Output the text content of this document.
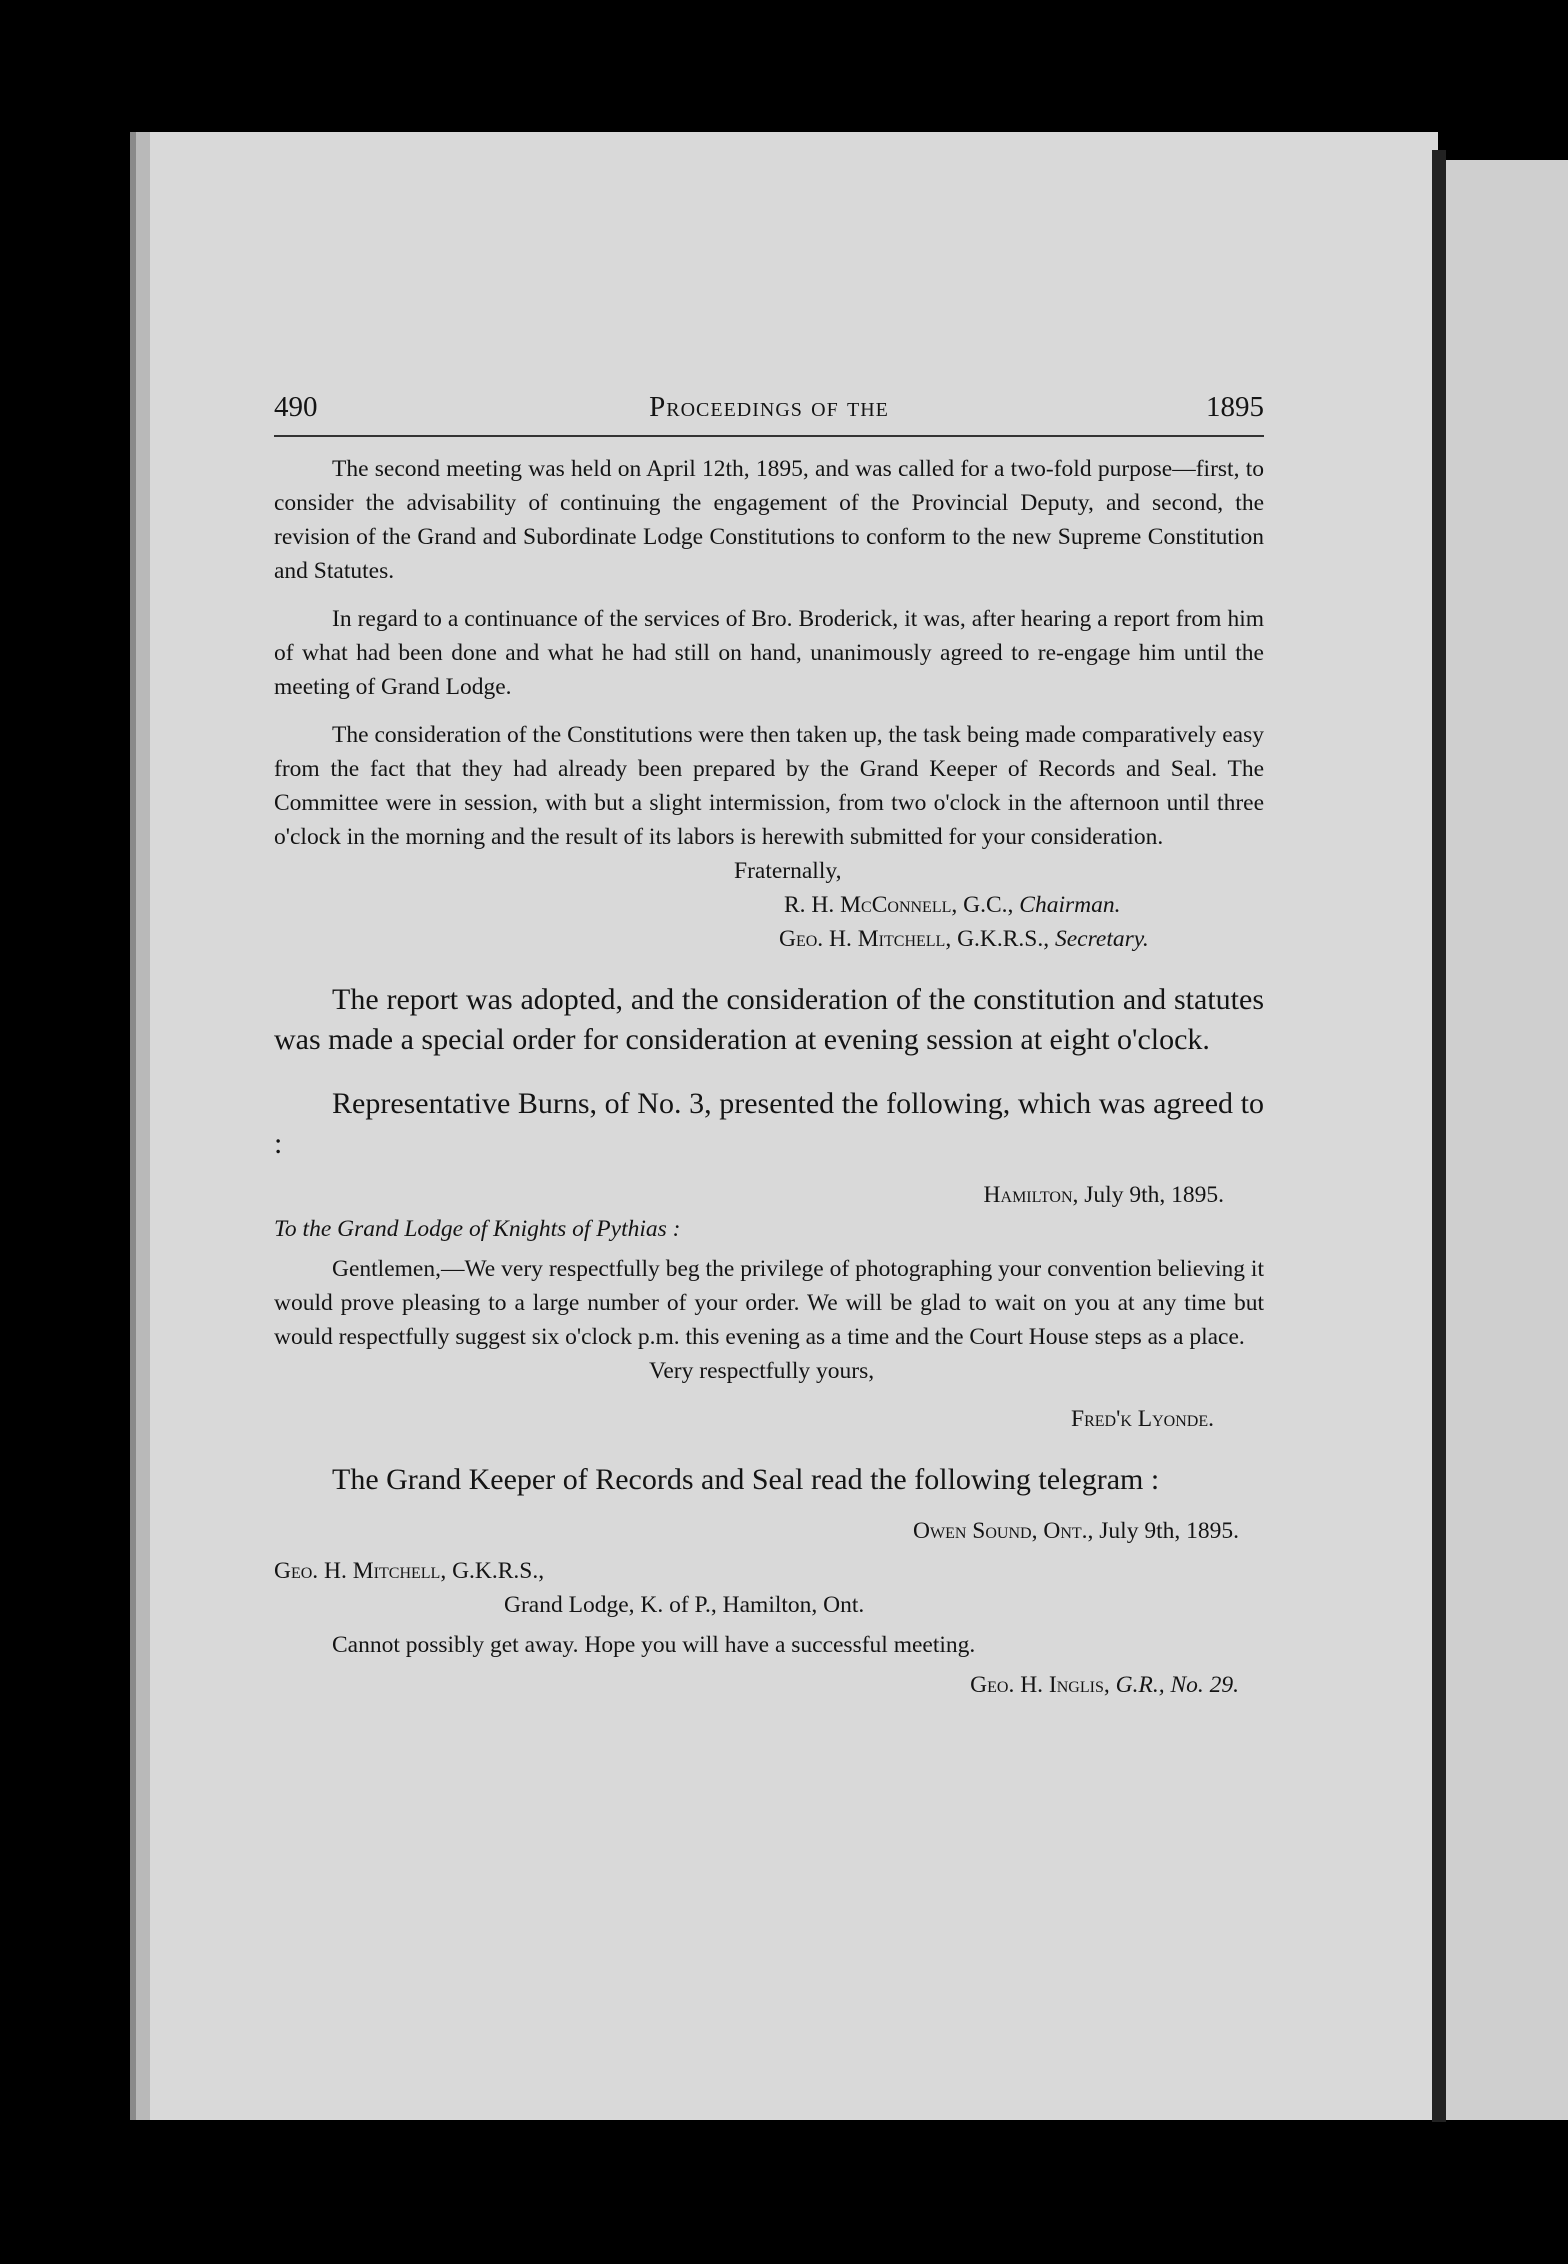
490	Proceedings of the	1895

The second meeting was held on April 12th, 1895, and was called for a two-fold purpose—first, to consider the advisability of continuing the engagement of the Provincial Deputy, and second, the revision of the Grand and Subordinate Lodge Constitutions to conform to the new Supreme Constitution and Statutes.

In regard to a continuance of the services of Bro. Broderick, it was, after hearing a report from him of what had been done and what he had still on hand, unanimously agreed to re-engage him until the meeting of Grand Lodge.

The consideration of the Constitutions were then taken up, the task being made comparatively easy from the fact that they had already been prepared by the Grand Keeper of Records and Seal. The Committee were in session, with but a slight intermission, from two o'clock in the afternoon until three o'clock in the morning and the result of its labors is herewith submitted for your consideration.

Fraternally,

R. H. McConnell, G.C., Chairman.

Geo. H. Mitchell, G.K.R.S., Secretary.

The report was adopted, and the consideration of the constitution and statutes was made a special order for consideration at evening session at eight o'clock.

Representative Burns, of No. 3, presented the following, which was agreed to :

Hamilton, July 9th, 1895.

To the Grand Lodge of Knights of Pythias :

Gentlemen,—We very respectfully beg the privilege of photographing your convention believing it would prove pleasing to a large number of your order. We will be glad to wait on you at any time but would respectfully suggest six o'clock p.m. this evening as a time and the Court House steps as a place.

Very respectfully yours,

Fred'k Lyonde.

The Grand Keeper of Records and Seal read the following telegram :

Owen Sound, Ont., July 9th, 1895.

Geo. H. Mitchell, G.K.R.S.,

Grand Lodge, K. of P., Hamilton, Ont.

Cannot possibly get away. Hope you will have a successful meeting.

Geo. H. Inglis, G.R., No. 29.
